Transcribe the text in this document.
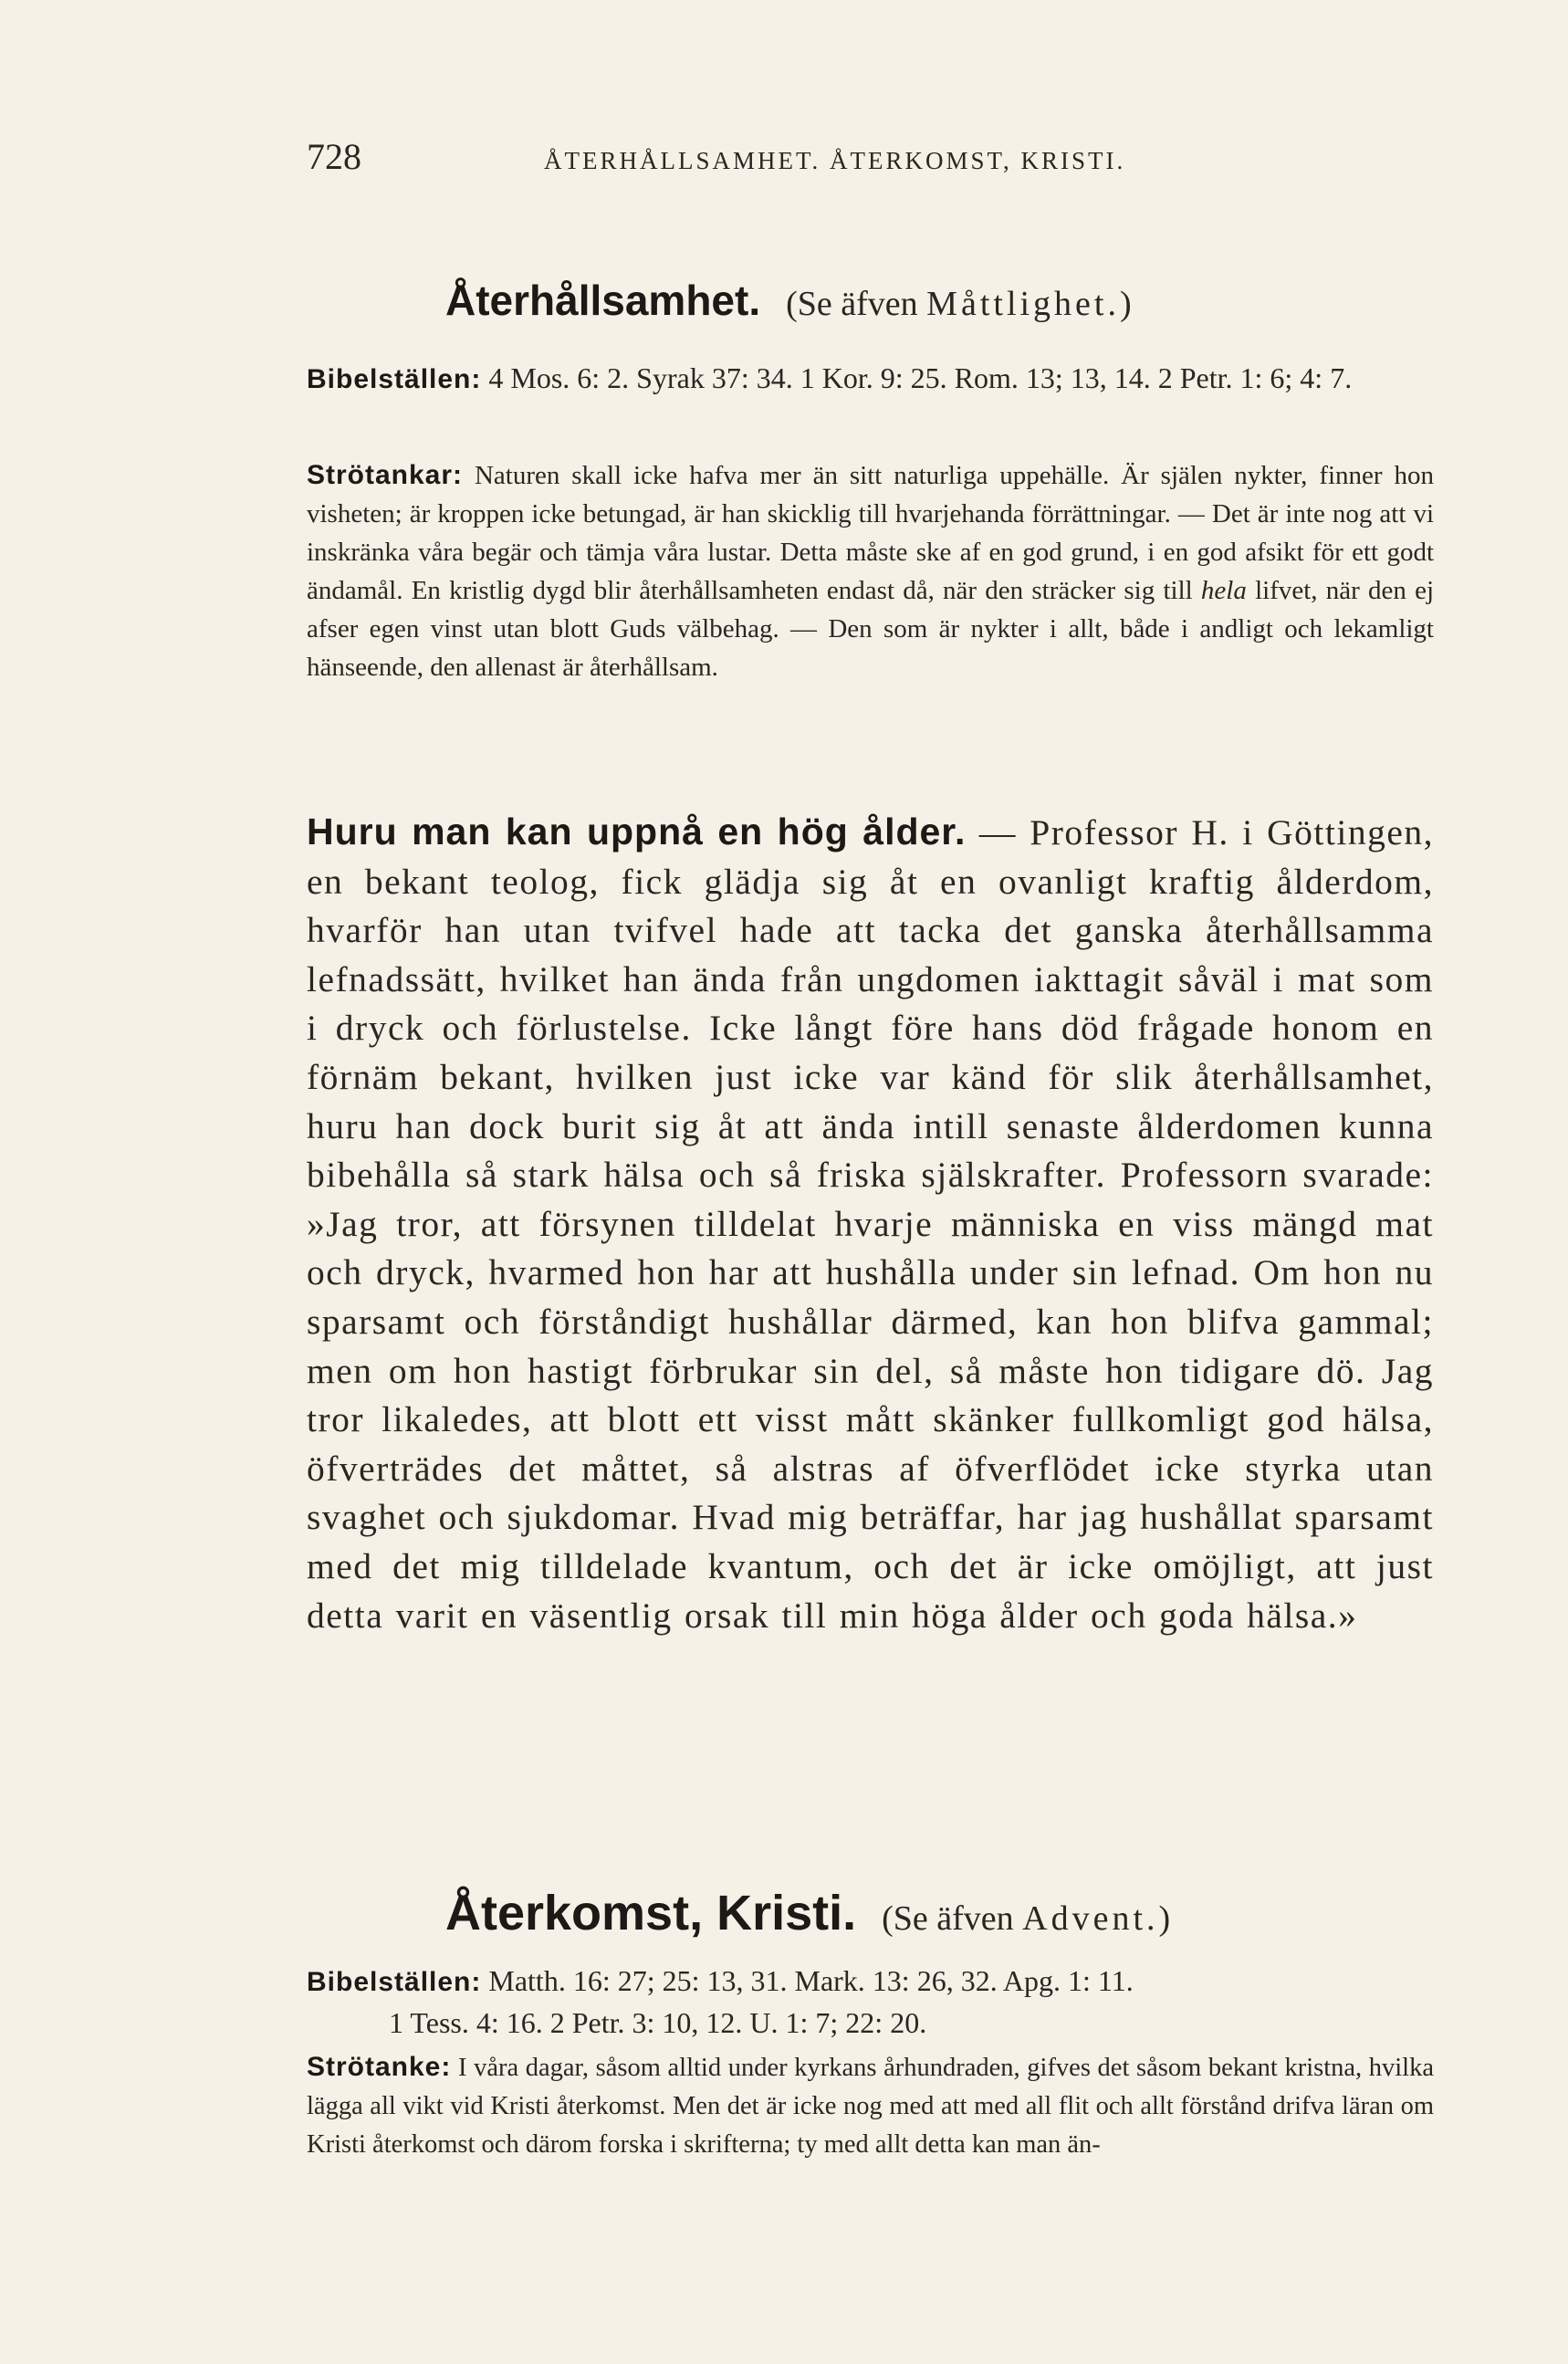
728	ÅTERHÅLLSAMHET. ÅTERKOMST, KRISTI.
Återhållsamhet. (Se äfven Måttlighet.)
Bibelställen: 4 Mos. 6: 2. Syrak 37: 34. 1 Kor. 9: 25. Rom. 13; 13, 14. 2 Petr. 1: 6; 4: 7.
Strötankar: Naturen skall icke hafva mer än sitt naturliga uppehälle. Är själen nykter, finner hon visheten; är kroppen icke betungad, är han skicklig till hvarjehanda förrättningar. — Det är inte nog att vi inskränka våra begär och tämja våra lustar. Detta måste ske af en god grund, i en god afsikt för ett godt ändamål. En kristlig dygd blir återhållsamheten endast då, när den sträcker sig till hela lifvet, när den ej afser egen vinst utan blott Guds välbehag. — Den som är nykter i allt, både i andligt och lekamligt hänseende, den allenast är återhållsam.
Huru man kan uppnå en hög ålder. — Professor H. i Göttingen, en bekant teolog, fick glädja sig åt en ovanligt kraftig ålderdom, hvarför han utan tvifvel hade att tacka det ganska återhållsamma lefnadssätt, hvilket han ända från ungdomen iakttagit såväl i mat som i dryck och förlustelse. Icke långt före hans död frågade honom en förnäm bekant, hvilken just icke var känd för slik återhållsamhet, huru han dock burit sig åt att ända intill senaste ålderdomen kunna bibehålla så stark hälsa och så friska själskrafter. Professorn svarade: »Jag tror, att försynen tilldelat hvarje människa en viss mängd mat och dryck, hvarmed hon har att hushålla under sin lefnad. Om hon nu sparsamt och förståndigt hushållar därmed, kan hon blifva gammal; men om hon hastigt förbrukar sin del, så måste hon tidigare dö. Jag tror likaledes, att blott ett visst mått skänker fullkomligt god hälsa, öfverträdes det måttet, så alstras af öfverflödet icke styrka utan svaghet och sjukdomar. Hvad mig beträffar, har jag hushållat sparsamt med det mig tilldelade kvantum, och det är icke omöjligt, att just detta varit en väsentlig orsak till min höga ålder och goda hälsa.»
Återkomst, Kristi. (Se äfven Advent.)
Bibelställen: Matth. 16: 27; 25: 13, 31. Mark. 13: 26, 32. Apg. 1: 11.
1 Tess. 4: 16. 2 Petr. 3: 10, 12. U. 1: 7; 22: 20.
Strötanke: I våra dagar, såsom alltid under kyrkans århundraden, gifves det såsom bekant kristna, hvilka lägga all vikt vid Kristi återkomst. Men det är icke nog med att med all flit och allt förstånd drifva läran om Kristi återkomst och därom forska i skrifterna; ty med allt detta kan man än-
